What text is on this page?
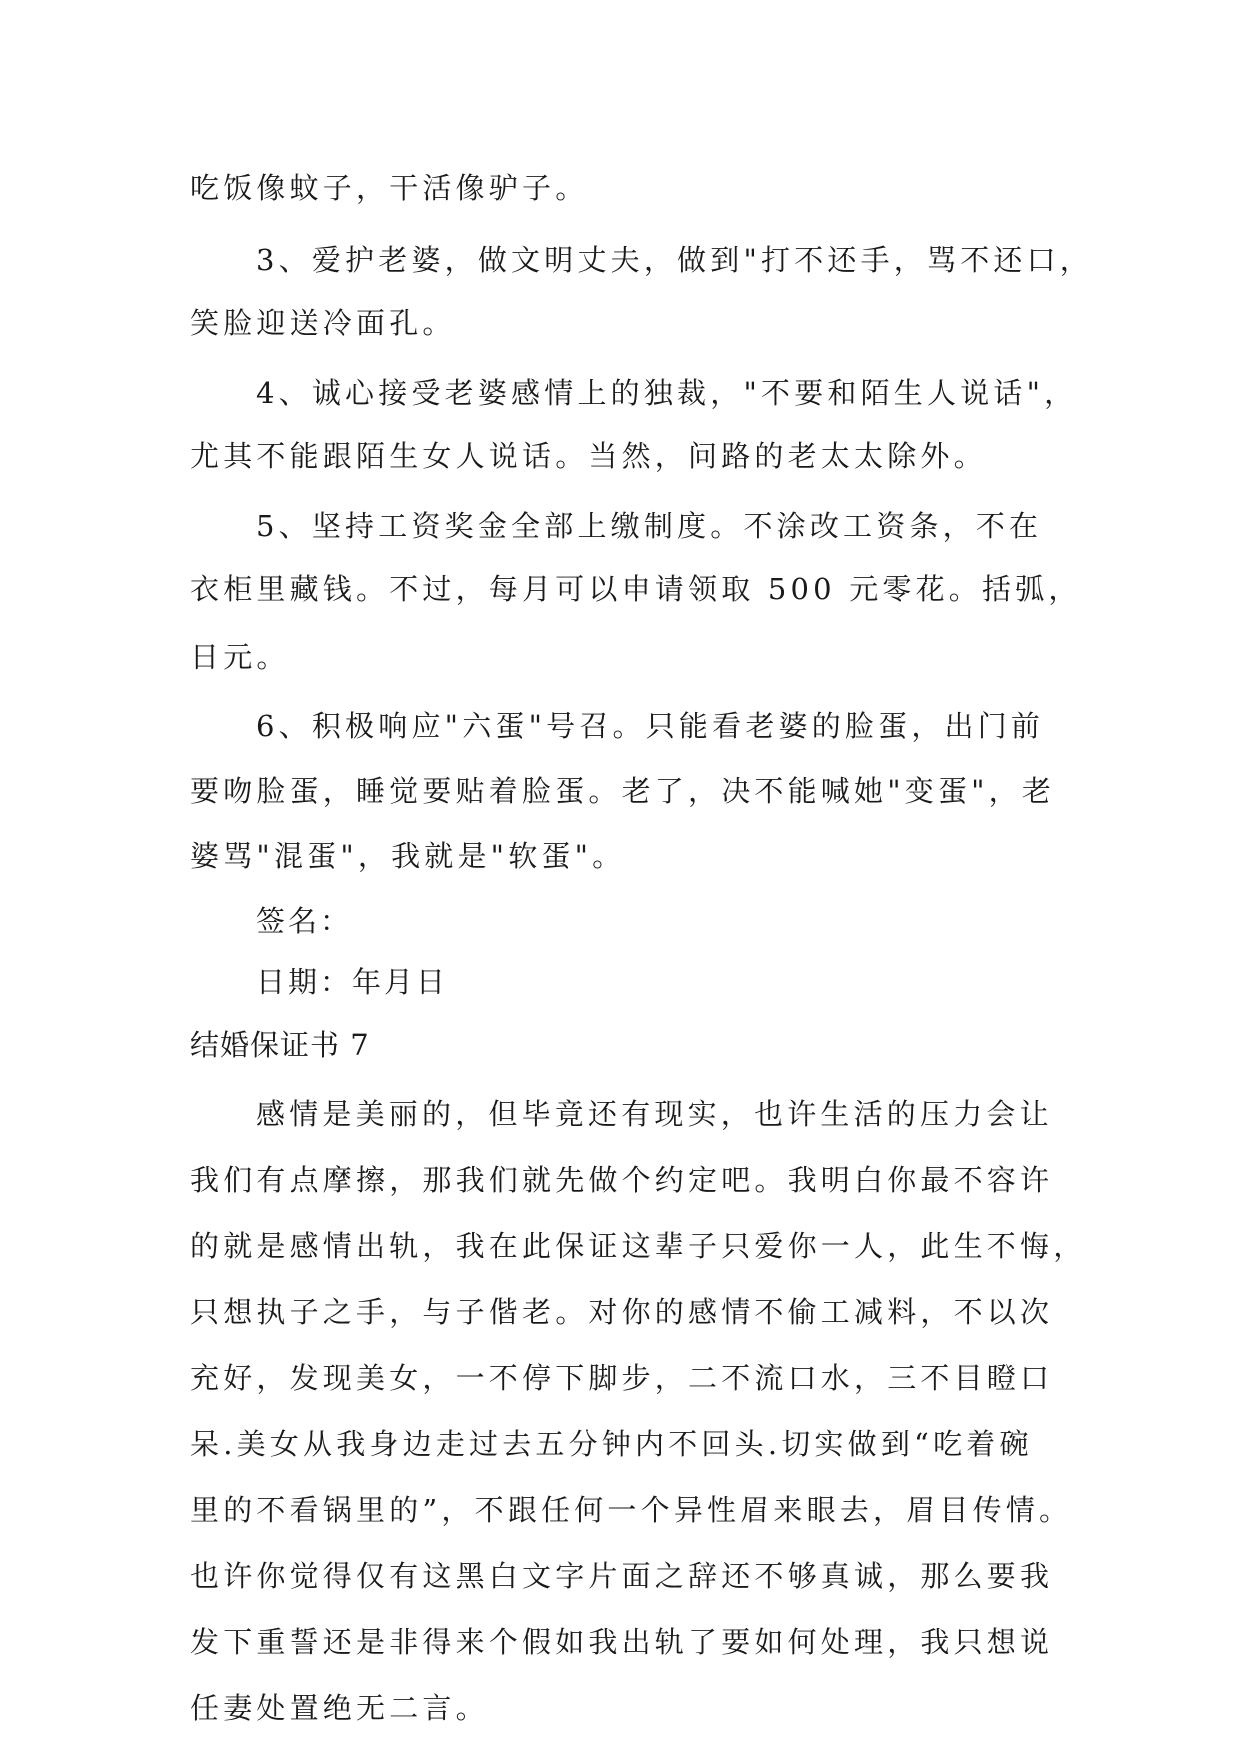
吃饭像蚊子，干活像驴子。
3、爱护老婆，做文明丈夫，做到"打不还手，骂不还口，
笑脸迎送冷面孔。
4、诚心接受老婆感情上的独裁，"不要和陌生人说话"，
尤其不能跟陌生女人说话。当然，问路的老太太除外。
5、坚持工资奖金全部上缴制度。不涂改工资条，不在
衣柜里藏钱。不过，每月可以申请领取 500 元零花。括弧，
日元。
6、积极响应"六蛋"号召。只能看老婆的脸蛋，出门前
要吻脸蛋，睡觉要贴着脸蛋。老了，决不能喊她"变蛋"，老
婆骂"混蛋"，我就是"软蛋"。
签名：
日期：年月日
结婚保证书 7
感情是美丽的，但毕竟还有现实，也许生活的压力会让
我们有点摩擦，那我们就先做个约定吧。我明白你最不容许
的就是感情出轨，我在此保证这辈子只爱你一人，此生不悔，
只想执子之手，与子偕老。对你的感情不偷工减料，不以次
充好，发现美女，一不停下脚步，二不流口水，三不目瞪口
呆.美女从我身边走过去五分钟内不回头.切实做到“吃着碗
里的不看锅里的”，不跟任何一个异性眉来眼去，眉目传情。
也许你觉得仅有这黑白文字片面之辞还不够真诚，那么要我
发下重誓还是非得来个假如我出轨了要如何处理，我只想说
任妻处置绝无二言。
